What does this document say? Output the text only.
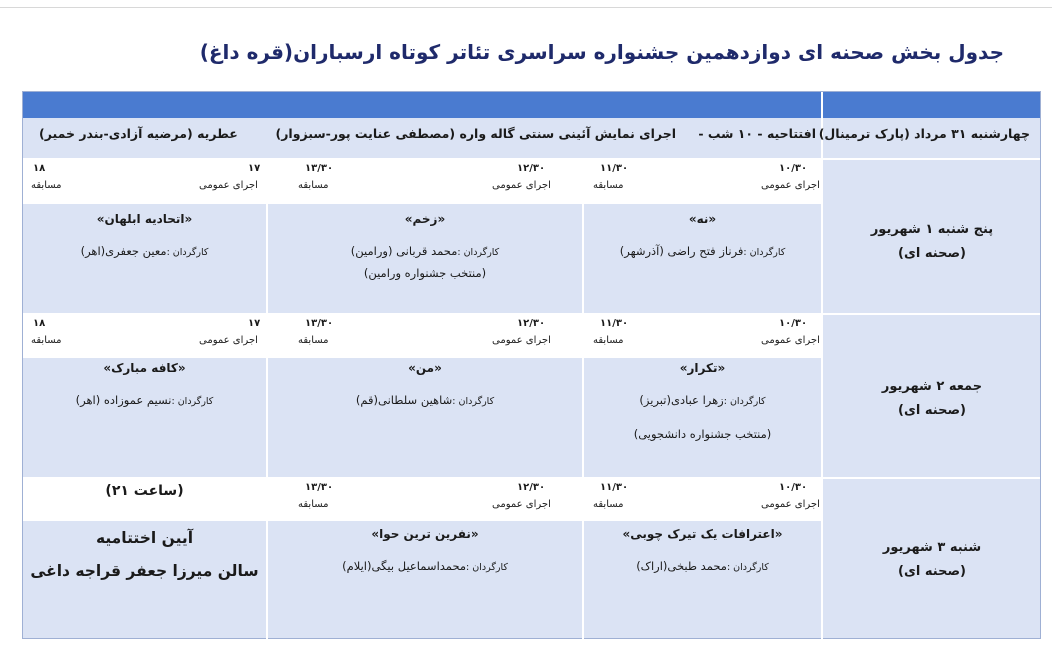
جدول بخش صحنه ای دوازدهمین جشنواره سراسری تئاتر کوتاه ارسباران(قره داغ)
چهارشنبه ۳۱ مرداد (پارک ترمینال)
افتتاحیه - ۱۰ شب -
اجرای نمایش آئینی سنتی گاله واره (مصطفی عنایت پور-سبزوار)
عطریه (مرضیه آزادی-بندر خمیر)
پنج شنبه ۱ شهریور
(صحنه ای)
۱۰/۳۰
اجرای عمومی
۱۱/۳۰
مسابقه
۱۲/۳۰
اجرای عمومی
۱۳/۳۰
مسابقه
۱۷
اجرای عمومی
۱۸
مسابقه
«نه»
کارگردان :فرناز فتح راضی (آذرشهر)
«زخم»
کارگردان :محمد قربانی (ورامین)
(منتخب جشنواره ورامین)
«اتحادیه ابلهان»
کارگردان :معین جعفری(اهر)
جمعه ۲ شهریور
(صحنه ای)
۱۰/۳۰
اجرای عمومی
۱۱/۳۰
مسابقه
۱۲/۳۰
اجرای عمومی
۱۳/۳۰
مسابقه
۱۷
اجرای عمومی
۱۸
مسابقه
«تکرار»
کارگردان :زهرا عبادی(تبریز)
(منتخب جشنواره دانشجویی)
«من»
کارگردان :شاهین سلطانی(قم)
«کافه مبارک»
کارگردان :نسیم عموزاده (اهر)
شنبه ۳ شهریور
(صحنه ای)
۱۰/۳۰
اجرای عمومی
۱۱/۳۰
مسابقه
۱۲/۳۰
اجرای عمومی
۱۳/۳۰
مسابقه
(ساعت ۲۱)
«اعترافات یک تیرک چوبی»
کارگردان :محمد طبخی(اراک)
«نفرین ترین حوا»
کارگردان :محمداسماعیل بیگی(ایلام)
آیین اختتامیه
سالن میرزا جعفر قراجه داغی
